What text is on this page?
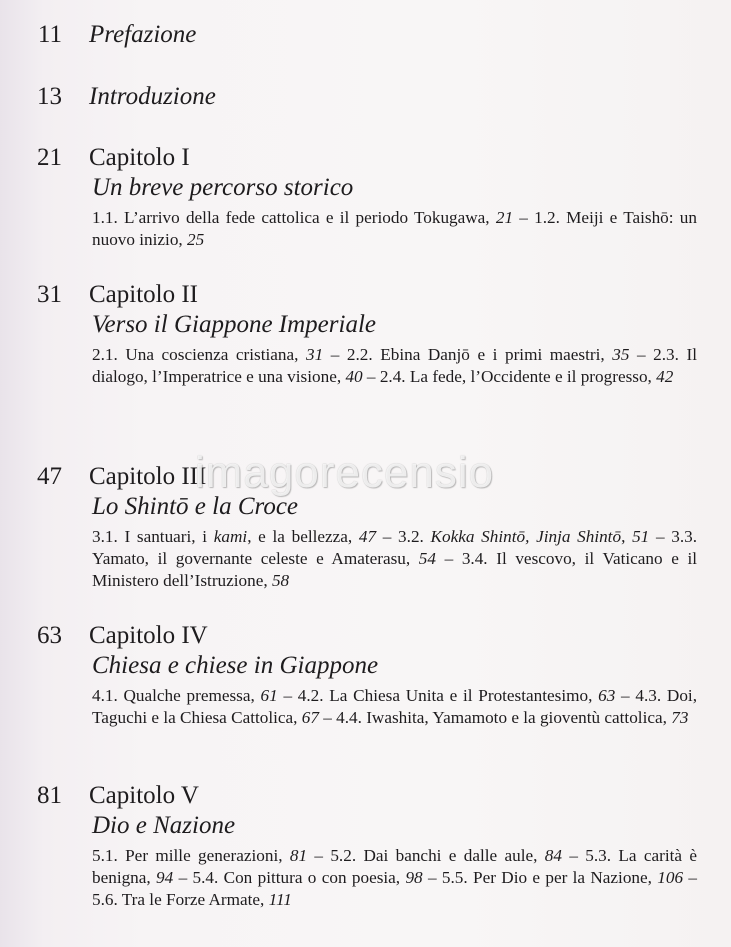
11 Prefazione
13 Introduzione
21 Capitolo I
Un breve percorso storico
1.1. L’arrivo della fede cattolica e il periodo Tokugawa, 21 – 1.2. Meiji e Taishō: un nuovo inizio, 25
31 Capitolo II
Verso il Giappone Imperiale
2.1. Una coscienza cristiana, 31 – 2.2. Ebina Danjō e i primi maestri, 35 – 2.3. Il dialogo, l’Imperatrice e una visione, 40 – 2.4. La fede, l’Occidente e il progresso, 42
47 Capitolo III
Lo Shintō e la Croce
3.1. I santuari, i kami, e la bellezza, 47 – 3.2. Kokka Shintō, Jinja Shintō, 51 – 3.3. Yamato, il governante celeste e Amaterasu, 54 – 3.4. Il vescovo, il Vaticano e il Ministero dell’Istruzione, 58
63 Capitolo IV
Chiesa e chiese in Giappone
4.1. Qualche premessa, 61 – 4.2. La Chiesa Unita e il Protestantesimo, 63 – 4.3. Doi, Taguchi e la Chiesa Cattolica, 67 – 4.4. Iwashita, Yamamoto e la gioventù cattolica, 73
81 Capitolo V
Dio e Nazione
5.1. Per mille generazioni, 81 – 5.2. Dai banchi e dalle aule, 84 – 5.3. La carità è benigna, 94 – 5.4. Con pittura o con poesia, 98 – 5.5. Per Dio e per la Nazione, 106 – 5.6. Tra le Forze Armate, 111
imagorecensio
